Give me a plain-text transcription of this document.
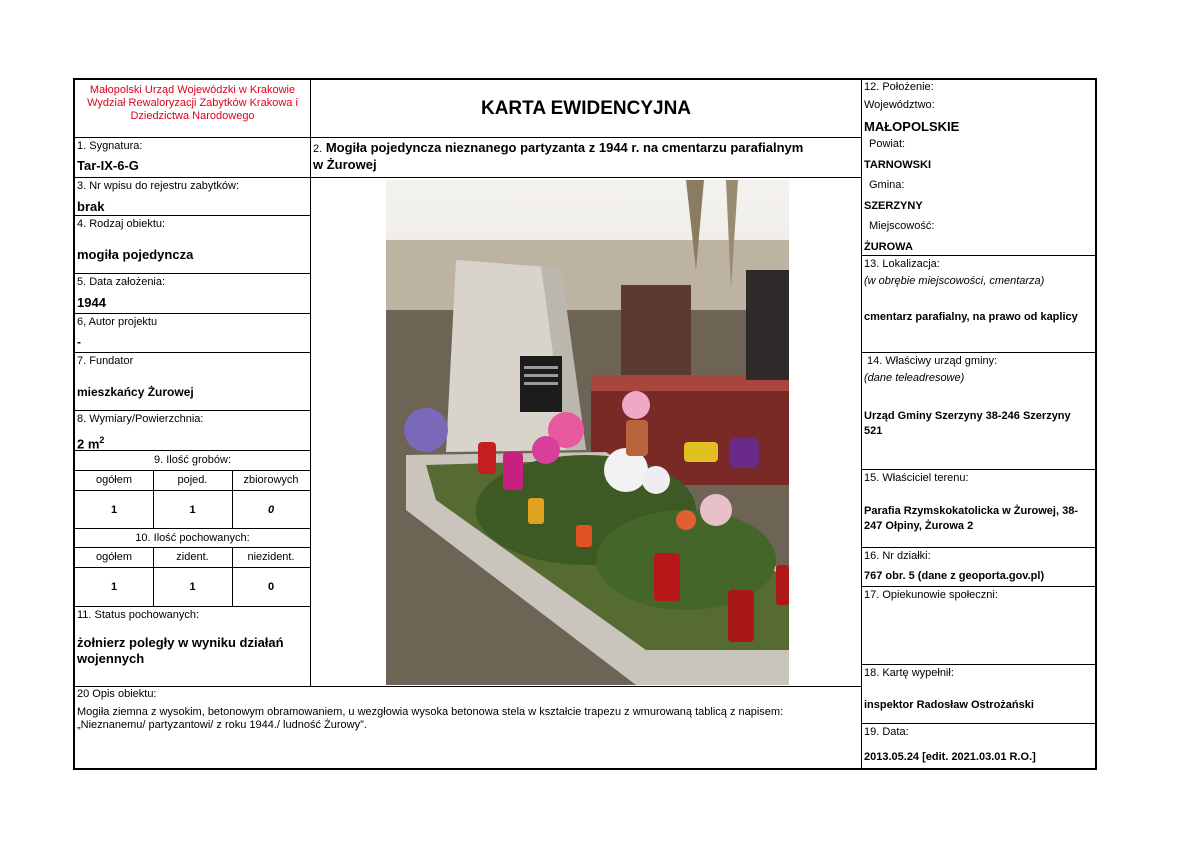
Małopolski Urząd Wojewódzki w Krakowie
Wydział Rewaloryzacji Zabytków Krakowa i
Dziedzictwa Narodowego
1. Sygnatura:
Tar-IX-6-G
3. Nr wpisu do rejestru zabytków:
brak
4. Rodzaj obiektu:
mogiła pojedyncza
5. Data założenia:
1944
6, Autor projektu
-
7. Fundator
mieszkańcy Żurowej
8. Wymiary/Powierzchnia:
2 $m^2$
9. Ilość grobów:
ogółem	pojed.	zbiorowych
1	1	0
10. Ilość pochowanych:
ogółem	zident.	niezident.
1	1	0
11. Status pochowanych:
żołnierz poległy w wyniku działań
wojennych
KARTA EWIDENCYJNA
2. Mogiła pojedyncza nieznanego partyzanta z 1944 r. na cmentarzu parafialnym
w Żurowej
12. Położenie:
Województwo:
MAŁOPOLSKIE
Powiat:
TARNOWSKI
Gmina:
SZERZYNY
Miejscowość:
ŻUROWA
13. Lokalizacja:
(w obrębie miejscowości, cmentarza)
cmentarz parafialny, na prawo od kaplicy
14. Właściwy urząd gminy:
(dane teleadresowe)
Urząd Gminy Szerzyny 38-246 Szerzyny
521
15. Właściciel terenu:
Parafia Rzymskokatolicka w Żurowej, 38-
247 Ołpiny, Żurowa 2
16. Nr działki:
767 obr. 5 (dane z geoporta.gov.pl)
17. Opiekunowie społeczni:
18. Kartę wypełnił:
inspektor Radosław Ostrożański
19. Data:
2013.05.24 [edit. 2021.03.01 R.O.]
20 Opis obiektu:
Mogiła ziemna z wysokim, betonowym obramowaniem, u wezgłowia wysoka betonowa stela w kształcie trapezu z wmurowaną tablicą z napisem:
„Nieznanemu/ partyzantowi/ z roku 1944./ ludność Żurowy”.
